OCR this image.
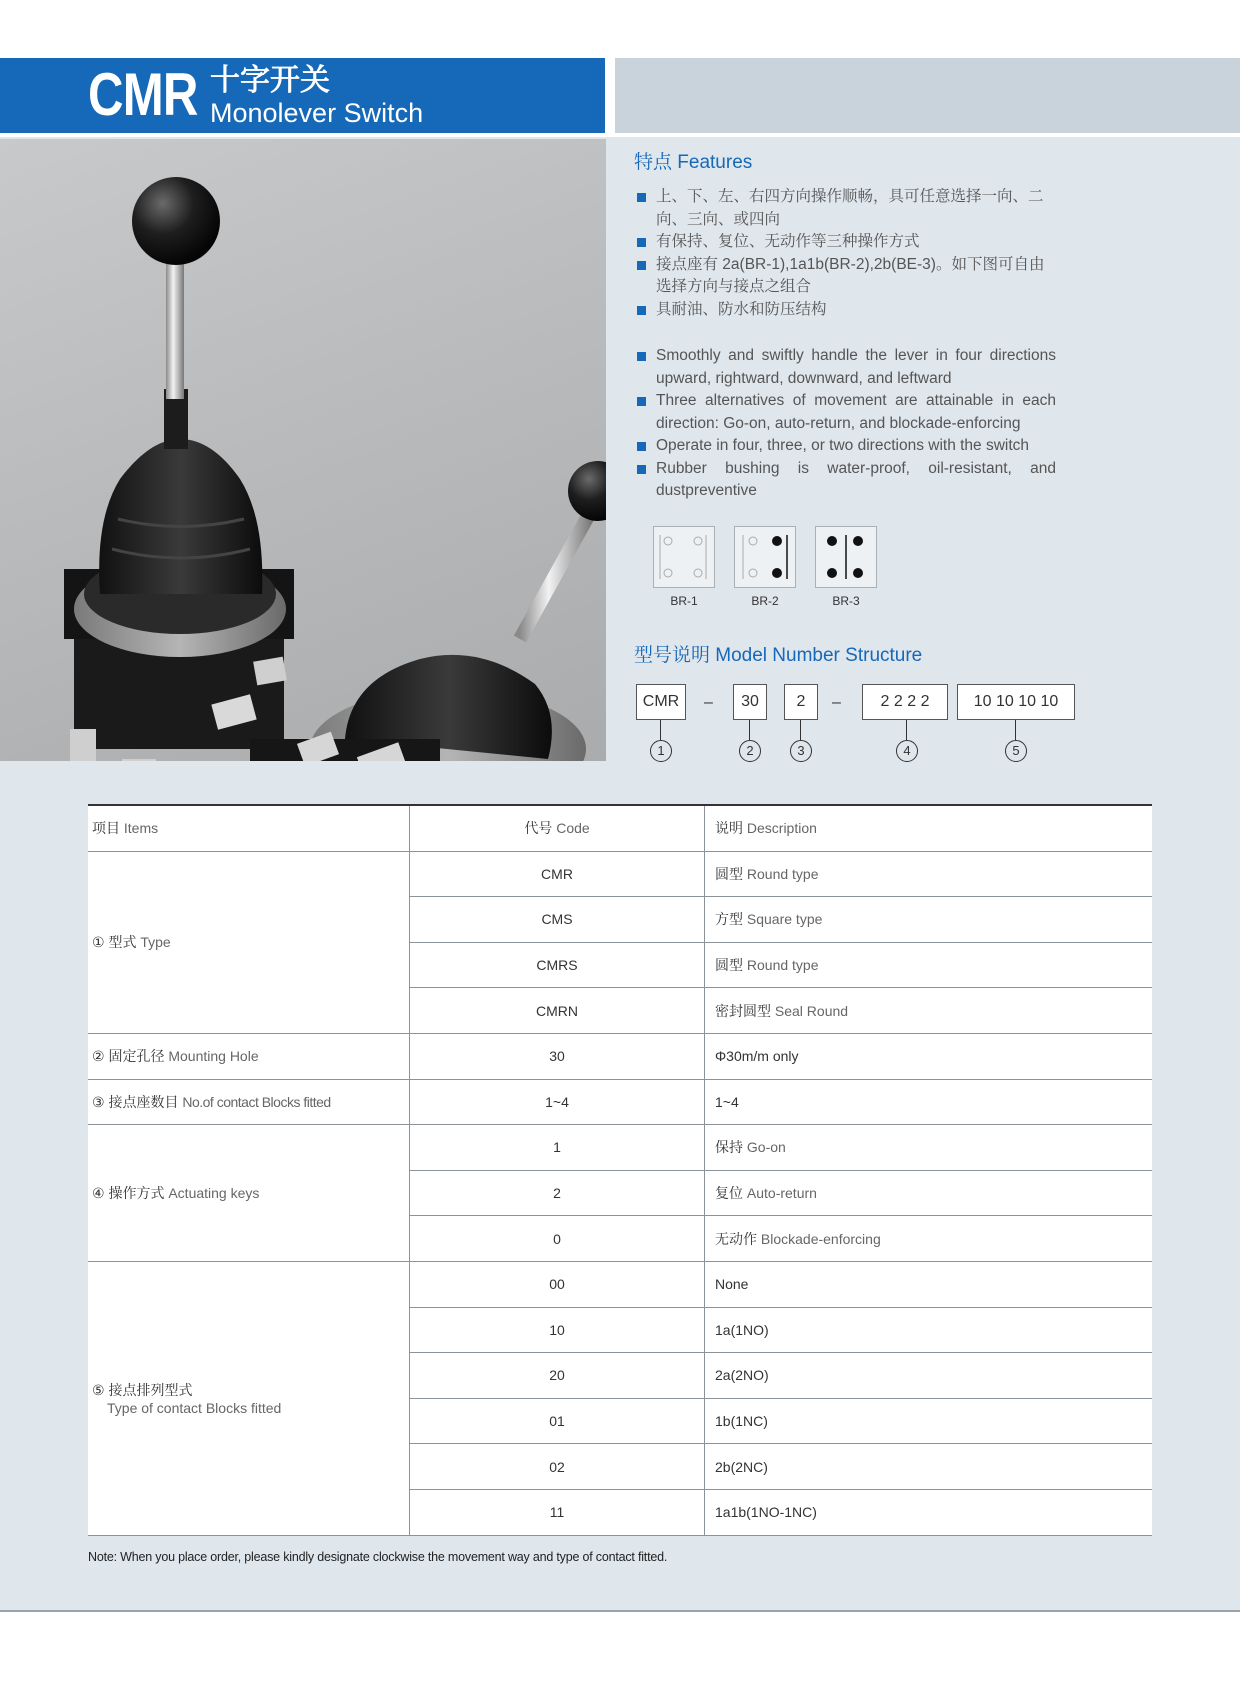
CMR 十字开关
Monolever Switch
特点 Features
上、下、左、右四方向操作顺畅，具可任意选择一向、二向、三向、或四向
有保持、复位、无动作等三种操作方式
接点座有 2a(BR-1),1a1b(BR-2),2b(BE-3)。如下图可自由选择方向与接点之组合
具耐油、防水和防压结构
Smoothly and swiftly handle the lever in four directions upward, rightward, downward, and leftward
Three alternatives of movement are attainable in each direction: Go-on, auto-return, and blockade-enforcing
Operate in four, three, or two directions with the switch
Rubber bushing is water-proof, oil-resistant, and dustpreventive
BR-1	BR-2	BR-3
型号说明 Model Number Structure
CMR	–	30	2	–	2 2 2 2	10 10 10 10
1	2	3	4	5
项目 Items	代号 Code	说明 Description
① 型式 Type	CMR	圆型 Round type
	CMS	方型 Square type
	CMRS	圆型 Round type
	CMRN	密封圆型 Seal Round
② 固定孔径 Mounting Hole	30	Φ30m/m only
③ 接点座数目 No.of contact Blocks fitted	1~4	1~4
④ 操作方式 Actuating keys	1	保持 Go-on
	2	复位 Auto-return
	0	无动作 Blockade-enforcing

⑤ 接点排列型式
Type of contact Blocks fitted	00	None
	10	1a(1NO)
	20	2a(2NO)
	01	1b(1NC)
	02	2b(2NC)
	11	1a1b(1NO-1NC)
Note: When you place order, please kindly designate clockwise the movement way and type of contact fitted.
